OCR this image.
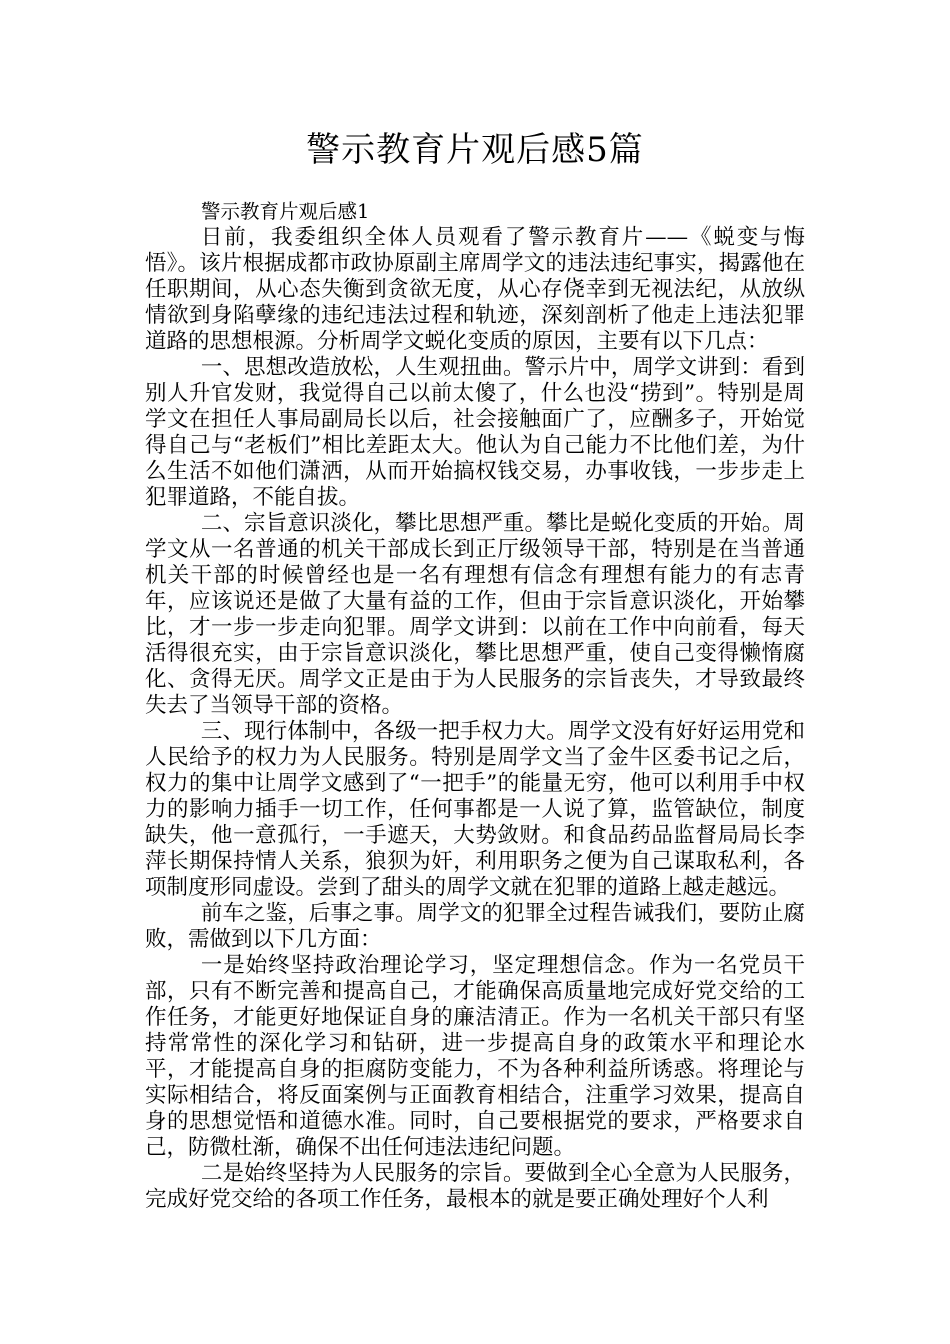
警示教育片观后感5篇

警示教育片观后感1

日前，我委组织全体人员观看了警示教育片——《蜕变与悔悟》。该片根据成都市政协原副主席周学文的违法违纪事实，揭露他在任职期间，从心态失衡到贪欲无度，从心存侥幸到无视法纪，从放纵情欲到身陷孽缘的违纪违法过程和轨迹，深刻剖析了他走上违法犯罪道路的思想根源。分析周学文蜕化变质的原因，主要有以下几点：

一、思想改造放松，人生观扭曲。警示片中，周学文讲到：看到别人升官发财，我觉得自己以前太傻了，什么也没“捞到”。特别是周学文在担任人事局副局长以后，社会接触面广了，应酬多子，开始觉得自己与“老板们”相比差距太大。他认为自己能力不比他们差，为什么生活不如他们潇洒，从而开始搞权钱交易，办事收钱，一步步走上犯罪道路，不能自拔。

二、宗旨意识淡化，攀比思想严重。攀比是蜕化变质的开始。周学文从一名普通的机关干部成长到正厅级领导干部，特别是在当普通机关干部的时候曾经也是一名有理想有信念有理想有能力的有志青年，应该说还是做了大量有益的工作，但由于宗旨意识淡化，开始攀比，才一步一步走向犯罪。周学文讲到：以前在工作中向前看，每天活得很充实，由于宗旨意识淡化，攀比思想严重，使自己变得懒惰腐化、贪得无厌。周学文正是由于为人民服务的宗旨丧失，才导致最终失去了当领导干部的资格。

三、现行体制中，各级一把手权力大。周学文没有好好运用党和人民给予的权力为人民服务。特别是周学文当了金牛区委书记之后，权力的集中让周学文感到了“一把手”的能量无穷，他可以利用手中权力的影响力插手一切工作，任何事都是一人说了算，监管缺位，制度缺失，他一意孤行，一手遮天，大势敛财。和食品药品监督局局长李萍长期保持情人关系，狼狈为奸，利用职务之便为自己谋取私利，各项制度形同虚设。尝到了甜头的周学文就在犯罪的道路上越走越远。

前车之鉴，后事之事。周学文的犯罪全过程告诫我们，要防止腐败，需做到以下几方面：

一是始终坚持政治理论学习，坚定理想信念。作为一名党员干部，只有不断完善和提高自己，才能确保高质量地完成好党交给的工作任务，才能更好地保证自身的廉洁清正。作为一名机关干部只有坚持常常性的深化学习和钻研，进一步提高自身的政策水平和理论水平，才能提高自身的拒腐防变能力，不为各种利益所诱惑。将理论与实际相结合，将反面案例与正面教育相结合，注重学习效果，提高自身的思想觉悟和道德水准。同时，自己要根据党的要求，严格要求自己，防微杜渐，确保不出任何违法违纪问题。

二是始终坚持为人民服务的宗旨。要做到全心全意为人民服务，完成好党交给的各项工作任务，最根本的就是要正确处理好个人利
